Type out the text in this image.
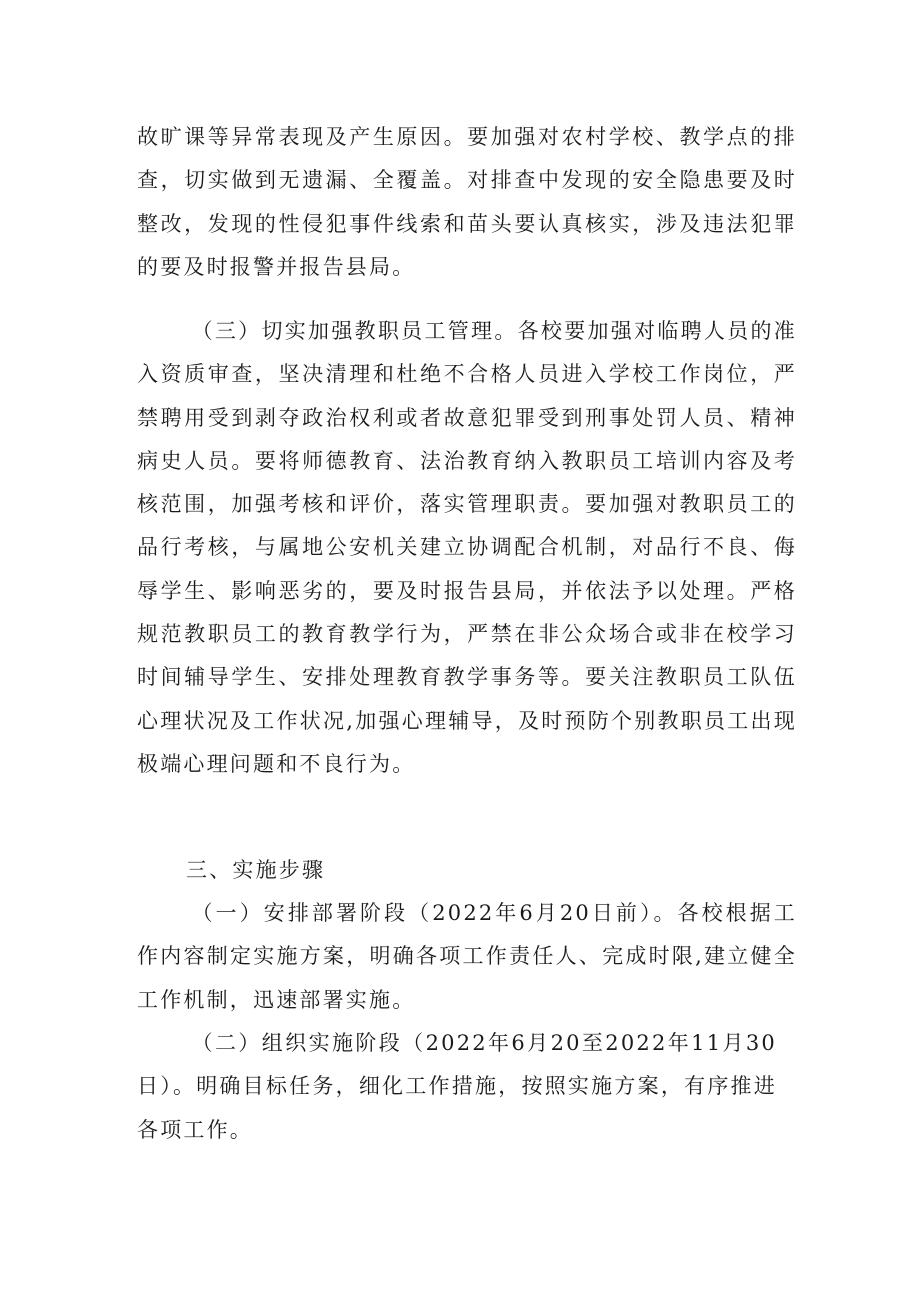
故旷课等异常表现及产生原因。要加强对农村学校、教学点的排查，切实做到无遗漏、全覆盖。对排查中发现的安全隐患要及时整改，发现的性侵犯事件线索和苗头要认真核实，涉及违法犯罪的要及时报警并报告县局。

（三）切实加强教职员工管理。各校要加强对临聘人员的准入资质审查，坚决清理和杜绝不合格人员进入学校工作岗位，严禁聘用受到剥夺政治权利或者故意犯罪受到刑事处罚人员、精神病史人员。要将师德教育、法治教育纳入教职员工培训内容及考核范围，加强考核和评价，落实管理职责。要加强对教职员工的品行考核，与属地公安机关建立协调配合机制，对品行不良、侮辱学生、影响恶劣的，要及时报告县局，并依法予以处理。严格规范教职员工的教育教学行为，严禁在非公众场合或非在校学习时间辅导学生、安排处理教育教学事务等。要关注教职员工队伍心理状况及工作状况,加强心理辅导，及时预防个别教职员工出现极端心理问题和不良行为。

三、实施步骤

（一）安排部署阶段（2022年6月20日前）。各校根据工作内容制定实施方案，明确各项工作责任人、完成时限,建立健全工作机制，迅速部署实施。

（二）组织实施阶段（2022年6月20至2022年11月30日）。明确目标任务，细化工作措施，按照实施方案，有序推进各项工作。
